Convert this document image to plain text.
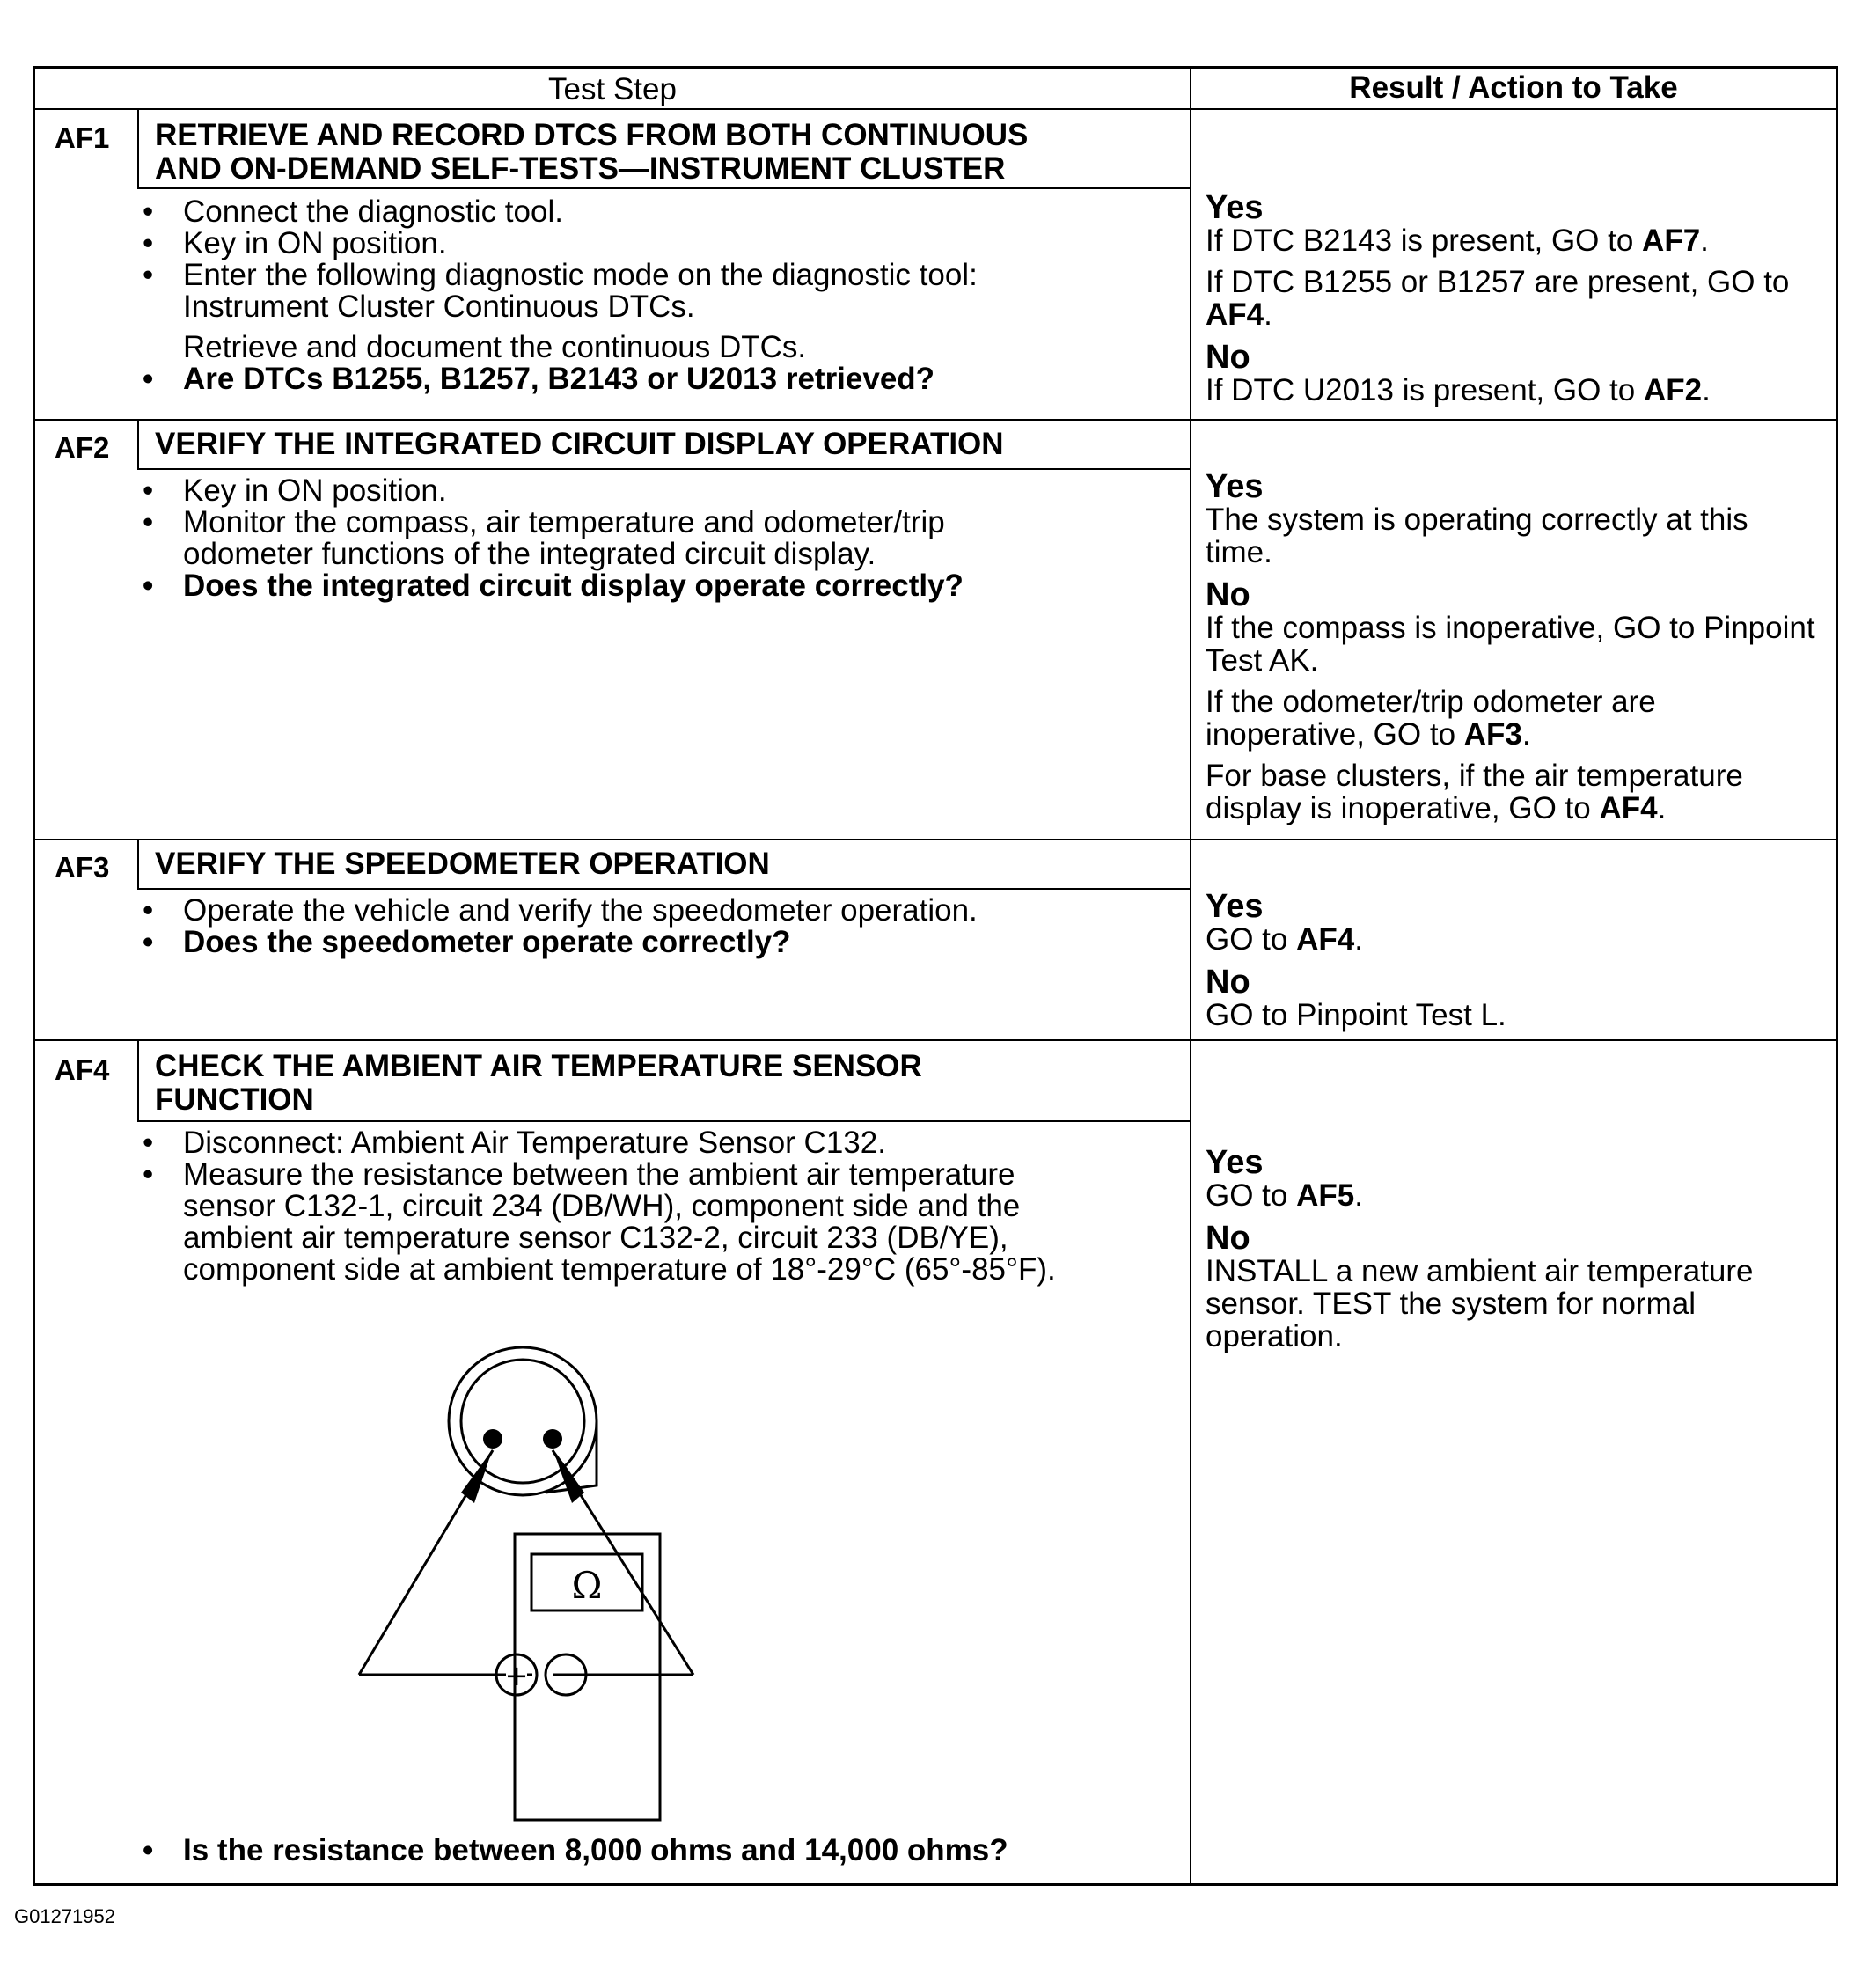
Test Step	Result / Action to Take
AF1 RETRIEVE AND RECORD DTCS FROM BOTH CONTINUOUS
AND ON-DEMAND SELF-TESTS—INSTRUMENT CLUSTER
• Connect the diagnostic tool.
• Key in ON position.
• Enter the following diagnostic mode on the diagnostic tool:
Instrument Cluster Continuous DTCs.
Retrieve and document the continuous DTCs.
• Are DTCs B1255, B1257, B2143 or U2013 retrieved?
Yes

If DTC B2143 is present, GO to AF7.

If DTC B1255 or B1257 are present, GO to AF4.

No

If DTC U2013 is present, GO to AF2.

AF2 VERIFY THE INTEGRATED CIRCUIT DISPLAY OPERATION
• Key in ON position.
• Monitor the compass, air temperature and odometer/trip
odometer functions of the integrated circuit display.
• Does the integrated circuit display operate correctly?
Yes

The system is operating correctly at this time.

No

If the compass is inoperative, GO to Pinpoint Test AK.

If the odometer/trip odometer are inoperative, GO to AF3.

For base clusters, if the air temperature display is inoperative, GO to AF4.

AF3 VERIFY THE SPEEDOMETER OPERATION
• Operate the vehicle and verify the speedometer operation.
• Does the speedometer operate correctly?
Yes

GO to AF4.

No

GO to Pinpoint Test L.

AF4 CHECK THE AMBIENT AIR TEMPERATURE SENSOR
FUNCTION
• Disconnect: Ambient Air Temperature Sensor C132.
• Measure the resistance between the ambient air temperature
sensor C132-1, circuit 234 (DB/WH), component side and the
ambient air temperature sensor C132-2, circuit 233 (DB/YE),
component side at ambient temperature of 18°-29°C (65°-85°F).
Ω
+ −
• Is the resistance between 8,000 ohms and 14,000 ohms?
Yes

GO to AF5.

No

INSTALL a new ambient air temperature sensor. TEST the system for normal operation.

G01271952
